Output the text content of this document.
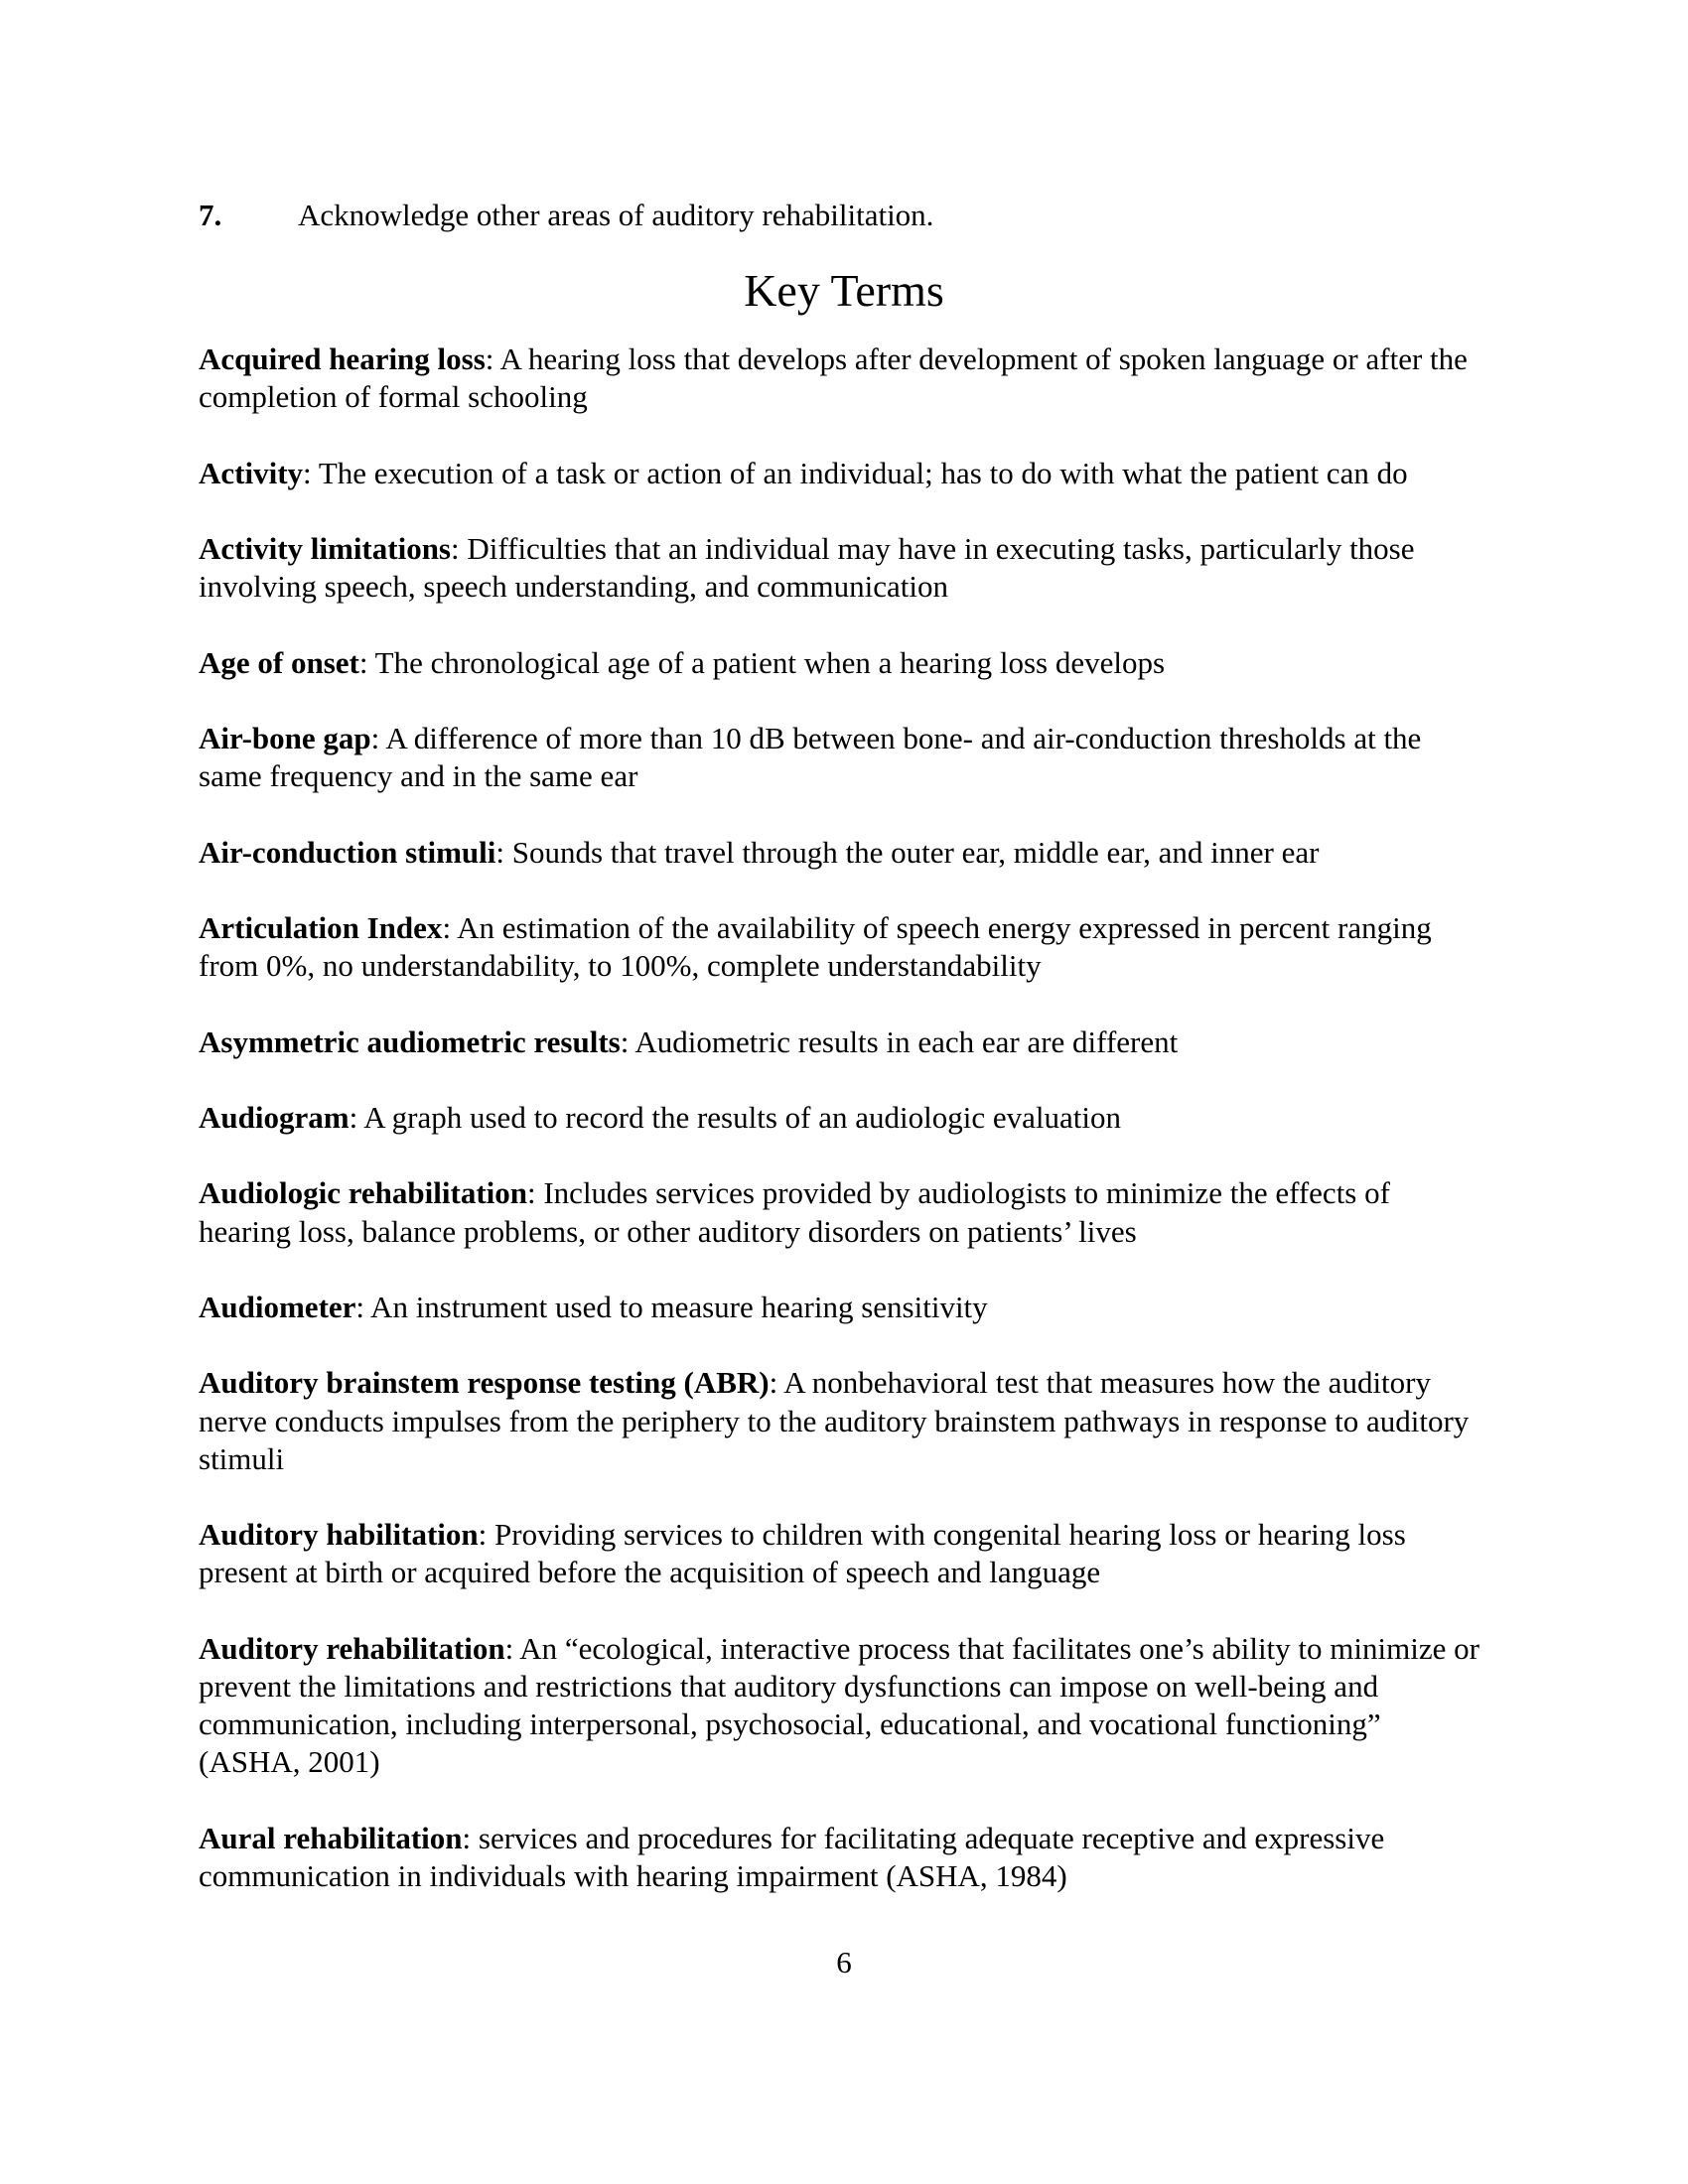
7. Acknowledge other areas of auditory rehabilitation.
Key Terms

Acquired hearing loss: A hearing loss that develops after development of spoken language or after the completion of formal schooling

Activity: The execution of a task or action of an individual; has to do with what the patient can do

Activity limitations: Difficulties that an individual may have in executing tasks, particularly those involving speech, speech understanding, and communication

Age of onset: The chronological age of a patient when a hearing loss develops

Air-bone gap: A difference of more than 10 dB between bone- and air-conduction thresholds at the same frequency and in the same ear

Air-conduction stimuli: Sounds that travel through the outer ear, middle ear, and inner ear

Articulation Index: An estimation of the availability of speech energy expressed in percent ranging from 0%, no understandability, to 100%, complete understandability

Asymmetric audiometric results: Audiometric results in each ear are different

Audiogram: A graph used to record the results of an audiologic evaluation

Audiologic rehabilitation: Includes services provided by audiologists to minimize the effects of hearing loss, balance problems, or other auditory disorders on patients’ lives

Audiometer: An instrument used to measure hearing sensitivity

Auditory brainstem response testing (ABR): A nonbehavioral test that measures how the auditory nerve conducts impulses from the periphery to the auditory brainstem pathways in response to auditory stimuli

Auditory habilitation: Providing services to children with congenital hearing loss or hearing loss present at birth or acquired before the acquisition of speech and language

Auditory rehabilitation: An “ecological, interactive process that facilitates one’s ability to minimize or prevent the limitations and restrictions that auditory dysfunctions can impose on well-being and communication, including interpersonal, psychosocial, educational, and vocational functioning” (ASHA, 2001)

Aural rehabilitation: services and procedures for facilitating adequate receptive and expressive communication in individuals with hearing impairment (ASHA, 1984)

6
